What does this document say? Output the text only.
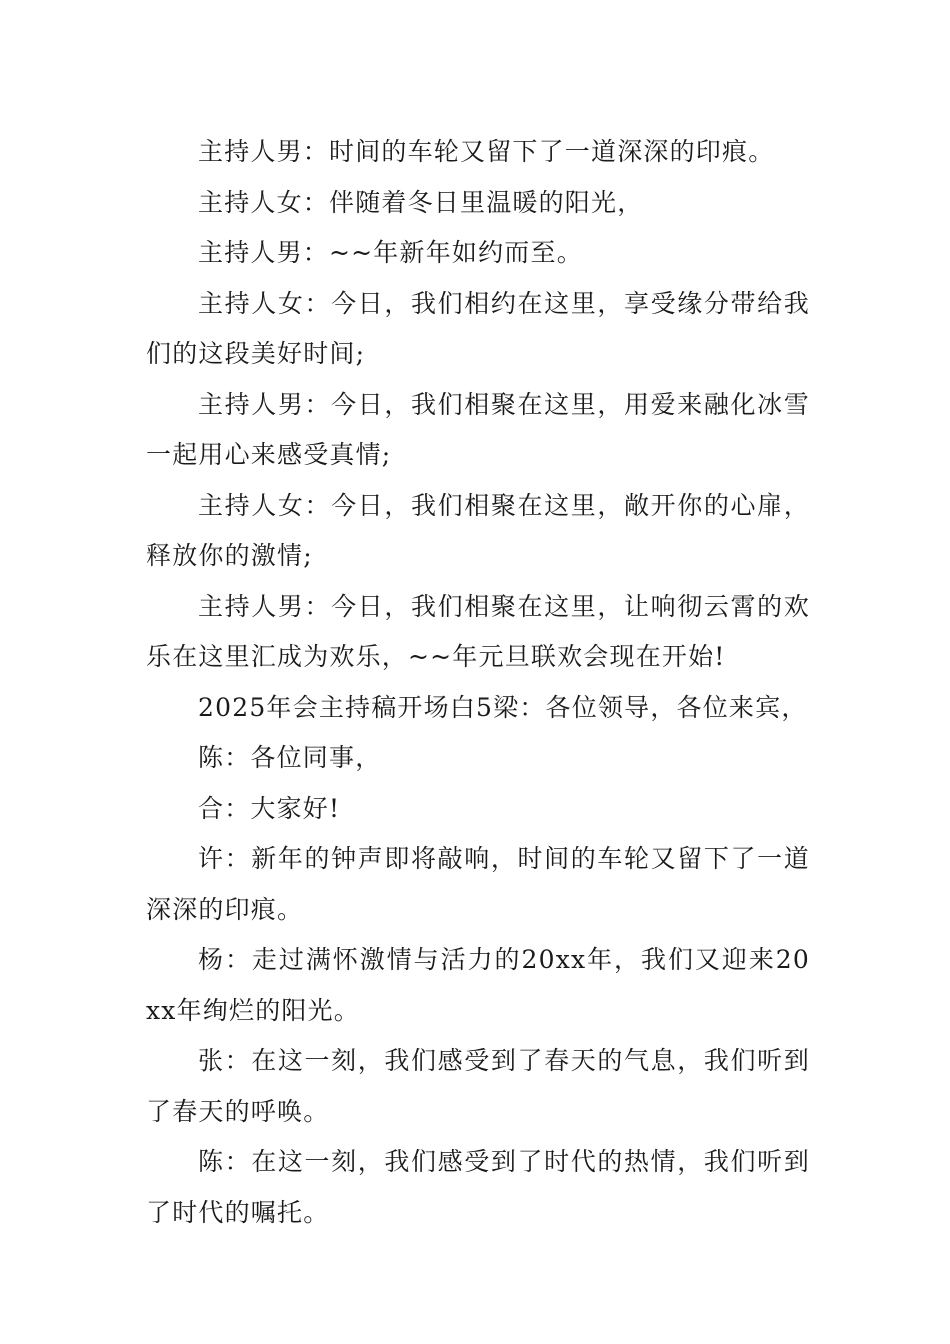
主持人男：时间的车轮又留下了一道深深的印痕。

主持人女：伴随着冬日里温暖的阳光，

主持人男：~~年新年如约而至。

主持人女：今日，我们相约在这里，享受缘分带给我们的这段美好时间;

主持人男：今日，我们相聚在这里，用爱来融化冰雪一起用心来感受真情;

主持人女：今日，我们相聚在这里，敞开你的心扉，释放你的激情;

主持人男：今日，我们相聚在这里，让响彻云霄的欢乐在这里汇成为欢乐，~~年元旦联欢会现在开始!

2025年会主持稿开场白5梁：各位领导，各位来宾，

陈：各位同事，

合：大家好!

许：新年的钟声即将敲响，时间的车轮又留下了一道深深的印痕。

杨：走过满怀激情与活力的20xx年，我们又迎来20xx年绚烂的阳光。

张：在这一刻，我们感受到了春天的气息，我们听到了春天的呼唤。

陈：在这一刻，我们感受到了时代的热情，我们听到了时代的嘱托。
